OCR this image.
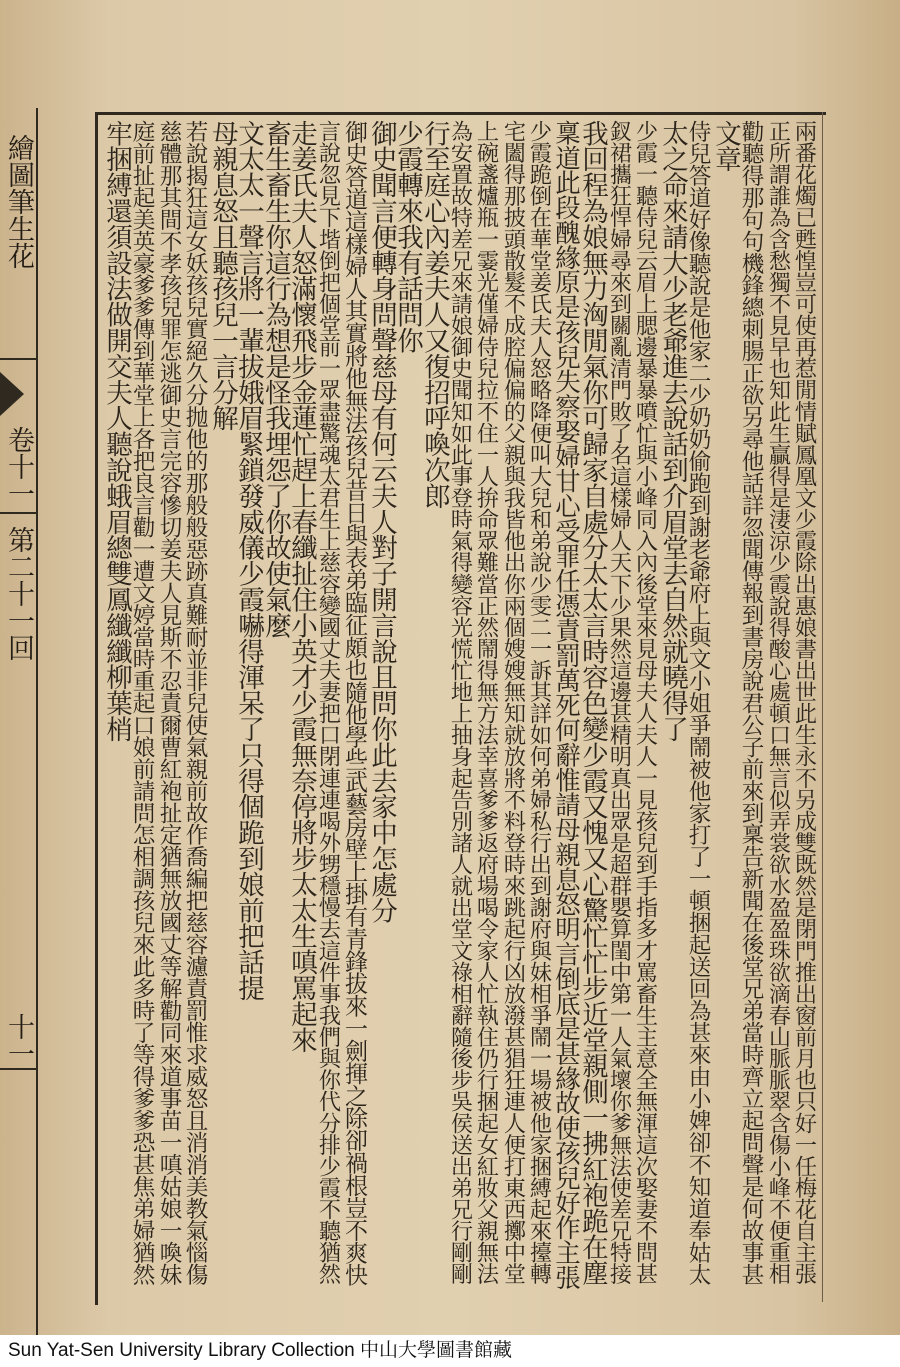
繪圖筆生花
卷十一
第二十一回
十一	兩番花燭已甦惶豈可使再惹閒情賦鳳凰文少霞除出惠娘書出世此生永不另成雙既然是閉門推出窗前月也只好一任梅花自主張
正所謂誰為含愁獨不見早也知此生贏得是淒涼少霞說得酸心處頓口無言似弄裳欲水盈盈珠欲滴春山脈脈翠含傷小峰不便重相
勸聽得那句句機鋒總刺腸正欲另尋他話詳忽聞傳報到書房說君公子前來到稟告新聞在後堂兄弟當時齊立起問聲是何故事甚
文章
侍兒答道好像聽說是他家二少奶奶偷跑到謝老爺府上與文小姐爭鬧被他家打了一頓捆起送回為甚來由小婢卻不知道奉姑太
太之命來請大少老爺進去說話到介眉堂去自然就曉得了
少霞一聽侍兒云眉上腮邊暴暴噴忙與小峰同入內後堂來見母夫人夫人一見孩兒到手指多才罵畜生主意全無渾這次娶妻不問甚
釵裙攜狂悍婦尋來到關亂清門敗了名這樣婦人天下少果然這邊甚精明真出眾是超群嬰算閨中第一人氣壞你爹無法使差兄特接
我回程為娘無力洶閒氣你可歸家自處分太太言時容色變少霞又愧又心驚忙忙步近堂親側一拂紅袍跪在塵
稟道此段醜緣原是孩兒失察娶婦甘心受罪任憑責罰萬死何辭惟請母親息怒明言倒底是甚緣故使孩兒好作主張
少霞跪倒在華堂姜氏夫人怒略降便叫大兒和弟說少雯二一訴其詳如何弟婦私行出到謝府與妹相爭鬧一場被他家捆縛起來擡轉
宅闔得那披頭散髮不成腔偏偏的父親與我皆他出你兩個嫂嫂無知就放將不料登時來跳起行凶放潑甚猖狂連人便打東西擲中堂
上碗盞爐瓶一霎光僅婦侍兒拉不住一人拚命眾難當正然鬧得無方法幸喜爹爹返府場喝令家人忙執住仍行捆起女紅妝父親無法
為安置故特差兄來請娘御史聞知如此事登時氣得變容光慌忙地上抽身起告別諸人就出堂文祿相辭隨後步吳侯送出弟兄行剛剛
行至庭心內姜夫人又復招呼喚次郎
少霞轉來我有話問你
御史聞言便轉身問聲慈母有何云夫人對子開言說且問你此去家中怎處分
御史答道這樣婦人其實將他無法孩兒昔日與表弟臨征頗也隨他學些武藝房壁上掛有青鋒拔來一劍揮之除卻禍根豈不爽快
言說忽見下堦倒把個堂前一眾盡驚魂太君生上慈容變國丈夫妻把口閉連連喝外甥穩慢去這件事我們與你代分排少霞不聽猶然
走姜氏夫人怒滿懷飛步金蓮忙趕上春纖扯住小英才少霞無奈停將步太太生嗔罵起來
畜生畜生你這行為想是怪我埋怨了你故使氣麼
文太太一聲言將一輩拔娥眉緊鎖發威儀少霞嚇得渾呆了只得個跪到娘前把話提
母親息怒且聽孩兒一言分解
若說揭狂這女妖孩兒實絕久分抛他的那般般惡跡真難耐並非兒使氣親前故作喬編把慈容濾責罰惟求威怒且消消美教氣惱傷
慈體那其間不孝孩兒罪怎逃御史言完容慘切姜夫人見斯不忍責爾曹紅袍扯定猶無放國丈等解勸同來道事苗一嗔姑娘一喚妹
庭前扯起美英豪爹爹傳到華堂上各把良言勸一遭文婷當時重起口娘前請問怎相調孩兒來此多時了等得爹爹恐甚焦弟婦猶然
牢捆縛還須設法做開交夫人聽說蛾眉總雙鳳纖纖柳葉梢
Sun Yat-Sen University Library Collection 中山大學圖書館藏
